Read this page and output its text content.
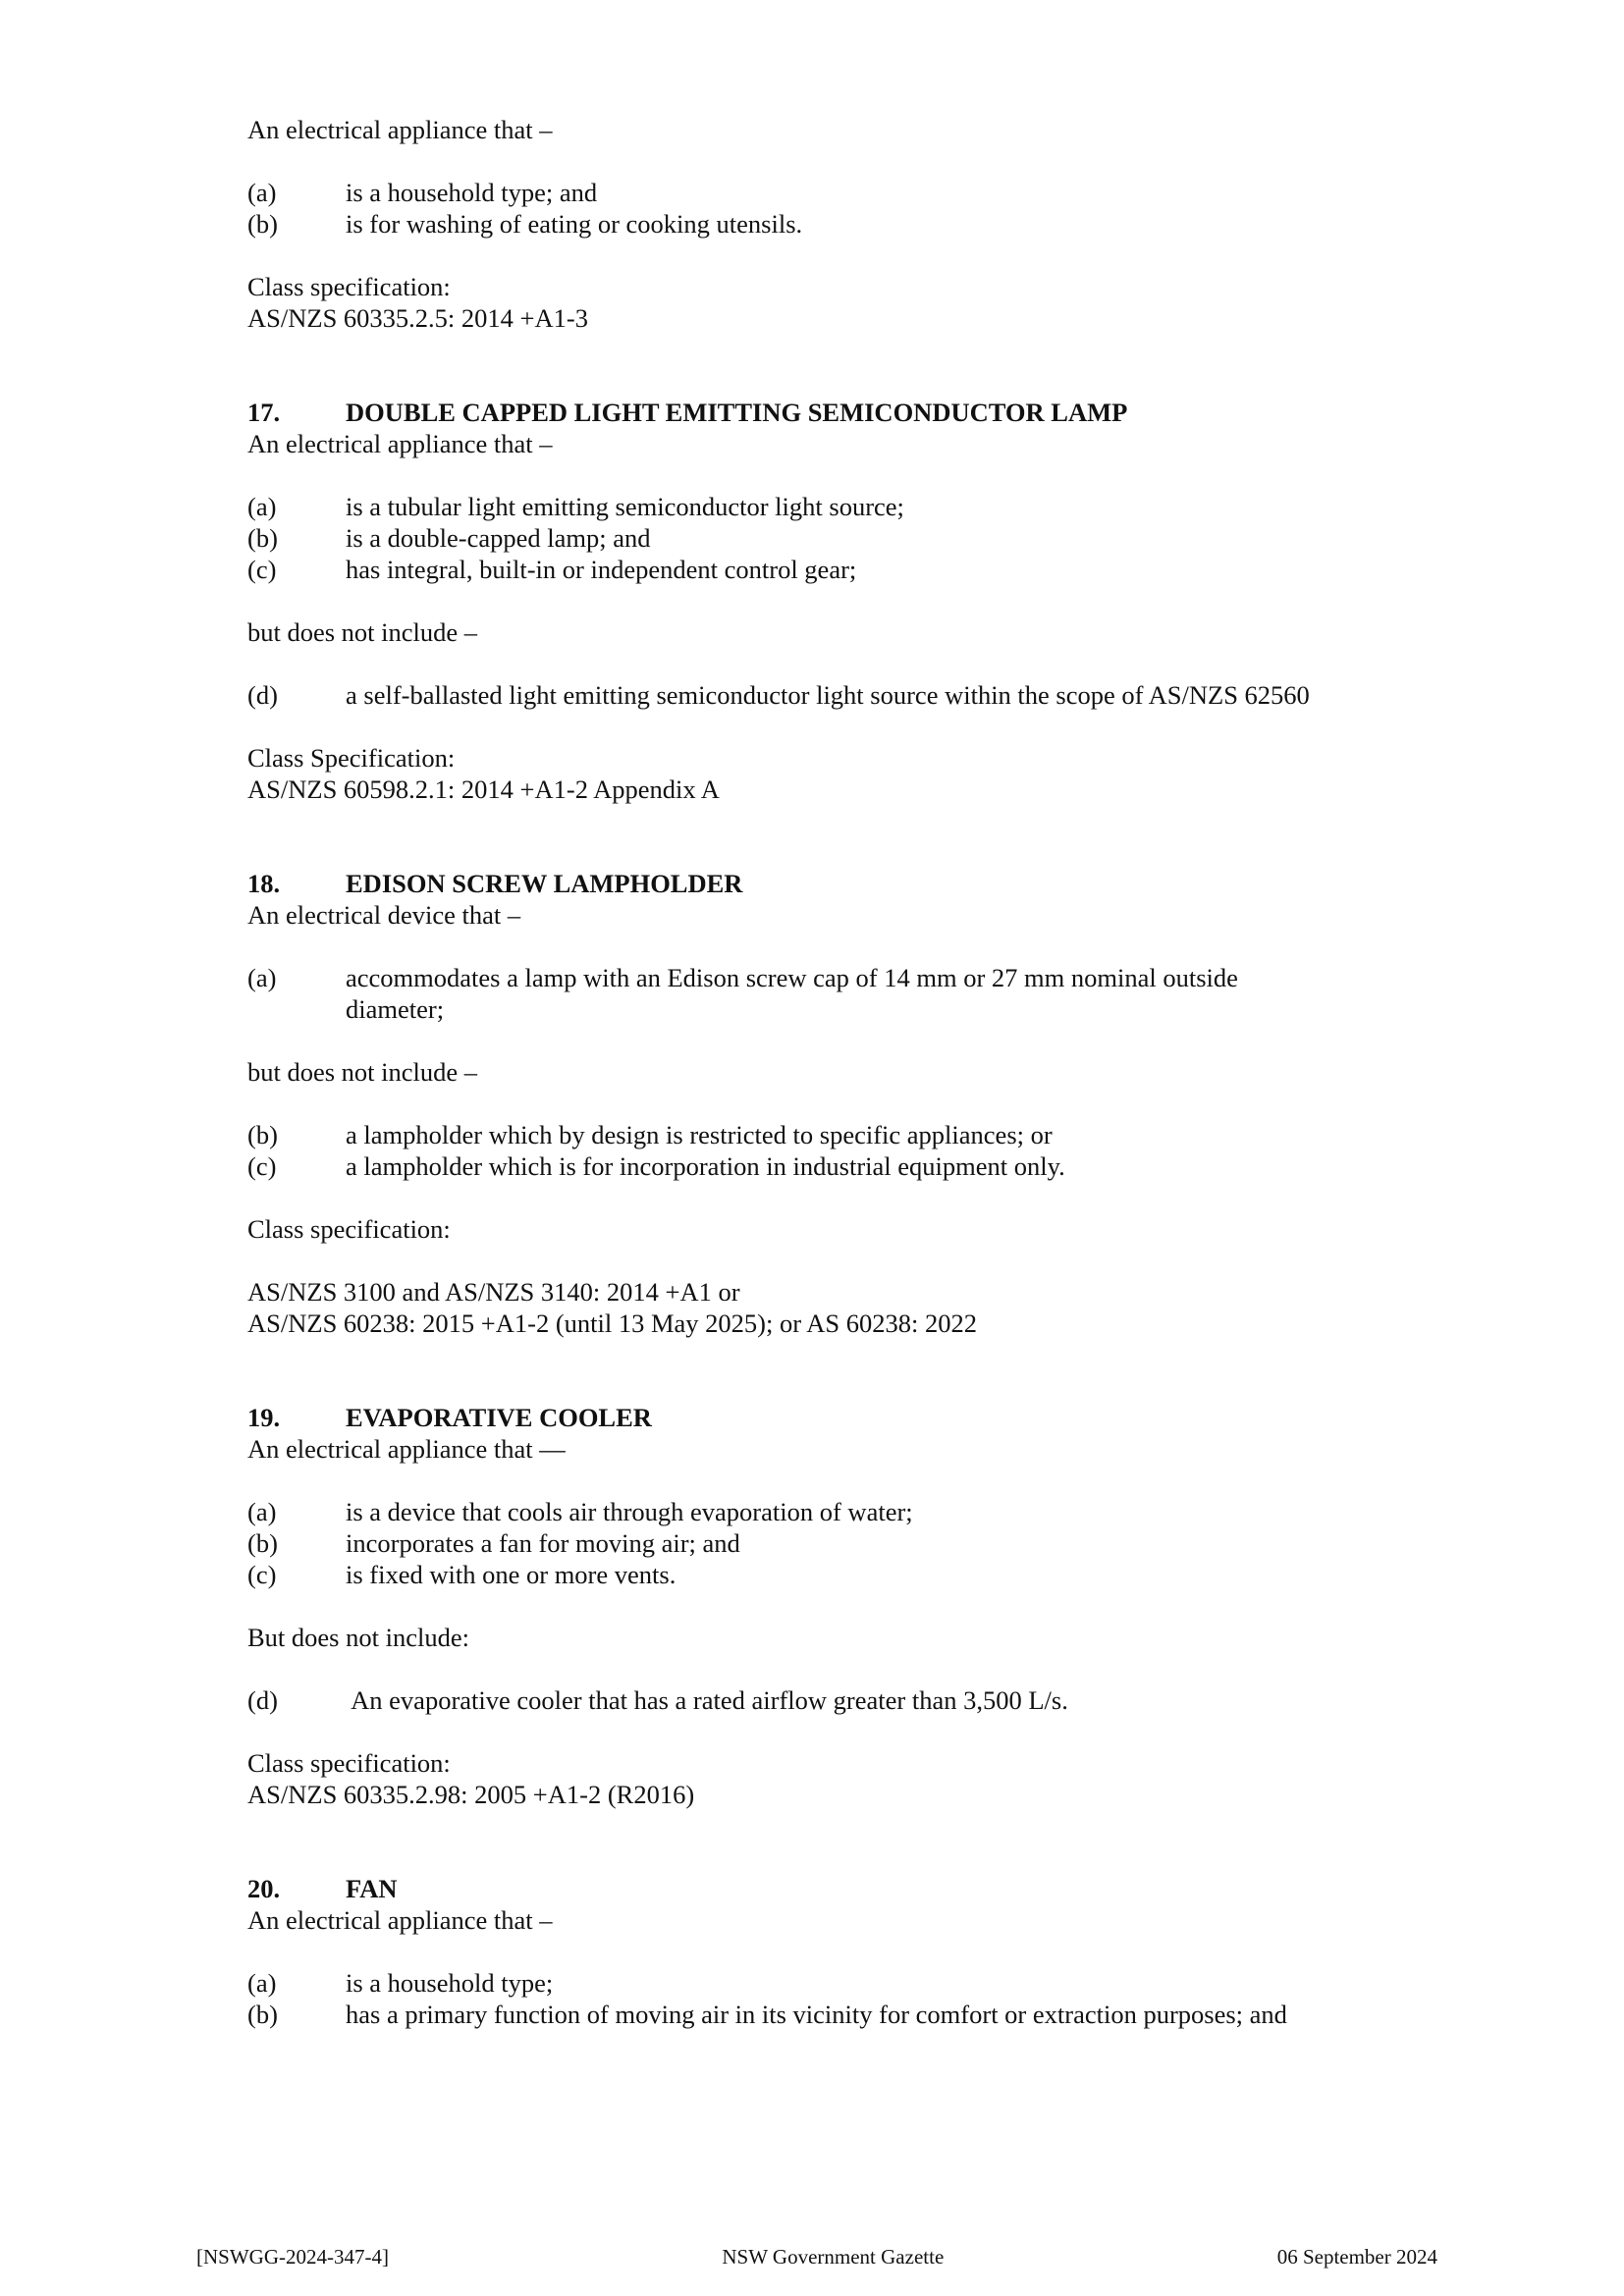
An electrical appliance that –

(a)	is a household type; and
(b)	is for washing of eating or cooking utensils.

Class specification:

AS/NZS 60335.2.5: 2014 +A1-3

17.	DOUBLE CAPPED LIGHT EMITTING SEMICONDUCTOR LAMP

An electrical appliance that –

(a)	is a tubular light emitting semiconductor light source;
(b)	is a double-capped lamp; and
(c)	has integral, built-in or independent control gear;

but does not include –

(d)	a self-ballasted light emitting semiconductor light source within the scope of AS/NZS 62560

Class Specification:

AS/NZS 60598.2.1: 2014 +A1-2 Appendix A

18.	EDISON SCREW LAMPHOLDER

An electrical device that –

(a)	accommodates a lamp with an Edison screw cap of 14 mm or 27 mm nominal outside diameter;

but does not include –

(b)	a lampholder which by design is restricted to specific appliances; or
(c)	a lampholder which is for incorporation in industrial equipment only.

Class specification:

AS/NZS 3100 and AS/NZS 3140: 2014 +A1 or

AS/NZS 60238: 2015 +A1-2 (until 13 May 2025); or AS 60238: 2022

19.	EVAPORATIVE COOLER

An electrical appliance that —

(a)	is a device that cools air through evaporation of water;
(b)	incorporates a fan for moving air; and
(c)	is fixed with one or more vents.

But does not include:

(d)	An evaporative cooler that has a rated airflow greater than 3,500 L/s.

Class specification:

AS/NZS 60335.2.98: 2005 +A1-2 (R2016)

20.	FAN

An electrical appliance that –

(a)	is a household type;
(b)	has a primary function of moving air in its vicinity for comfort or extraction purposes; and
[NSWGG-2024-347-4]	NSW Government Gazette	06 September 2024
